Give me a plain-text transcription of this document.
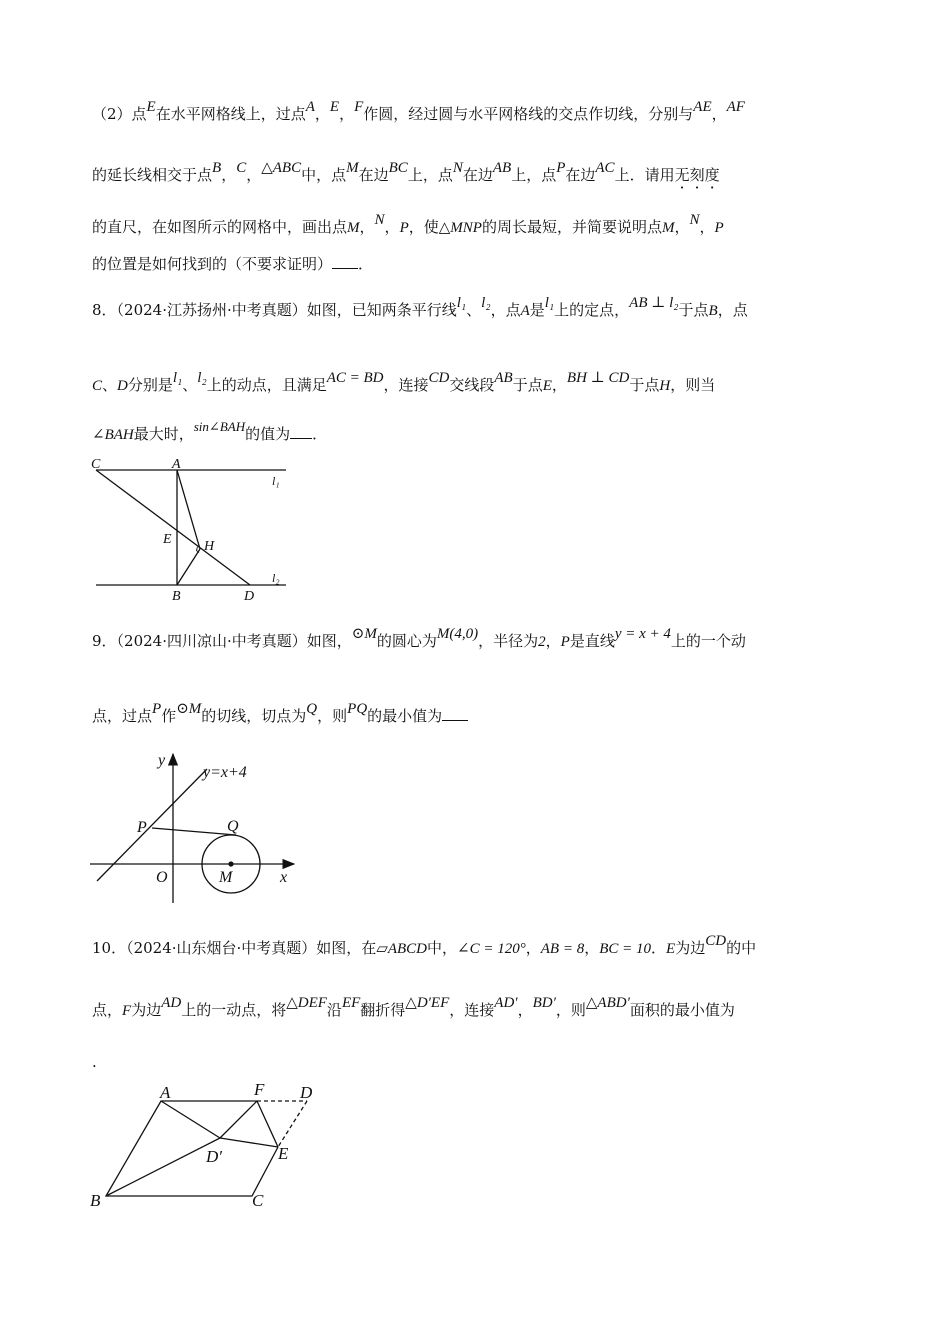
（2）点E在水平网格线上，过点A，E，F作圆，经过圆与水平网格线的交点作切线，分别与AE，AF
的延长线相交于点B，C，△ABC中，点M在边BC上，点N在边AB上，点P在边AC上．请用无刻度
的直尺，在如图所示的网格中，画出点M，N，P，使△MNP的周长最短，并简要说明点M，N，P
的位置是如何找到的（不要求证明） ．
8．（2024·江苏扬州·中考真题）如图，已知两条平行线l₁、l₂，点A是l₁上的定点，AB ⊥ l₂于点B，点
C、D分别是l₁、l₂上的动点，且满足AC = BD，连接CD交线段AB于点E，BH ⊥ CD于点H，则当
∠BAH最大时，sin∠BAH的值为 ．
C	A
l₁
E H
l₂
B	D
9．（2024·四川凉山·中考真题）如图，⊙M的圆心为M(4,0)，半径为2，P是直线y = x + 4上的一个动
点，过点P作⊙M的切线，切点为Q，则PQ的最小值为
y
y=x+4
P	Q
O	M	x
10．（2024·山东烟台·中考真题）如图，在▱ABCD中，∠C = 120°，AB = 8，BC = 10．E为边CD的中
点，F为边AD上的一动点，将△DEF沿EF翻折得△D′EF，连接AD′，BD′，则△ABD′面积的最小值为
.
A	F D
D′	E
B	C
